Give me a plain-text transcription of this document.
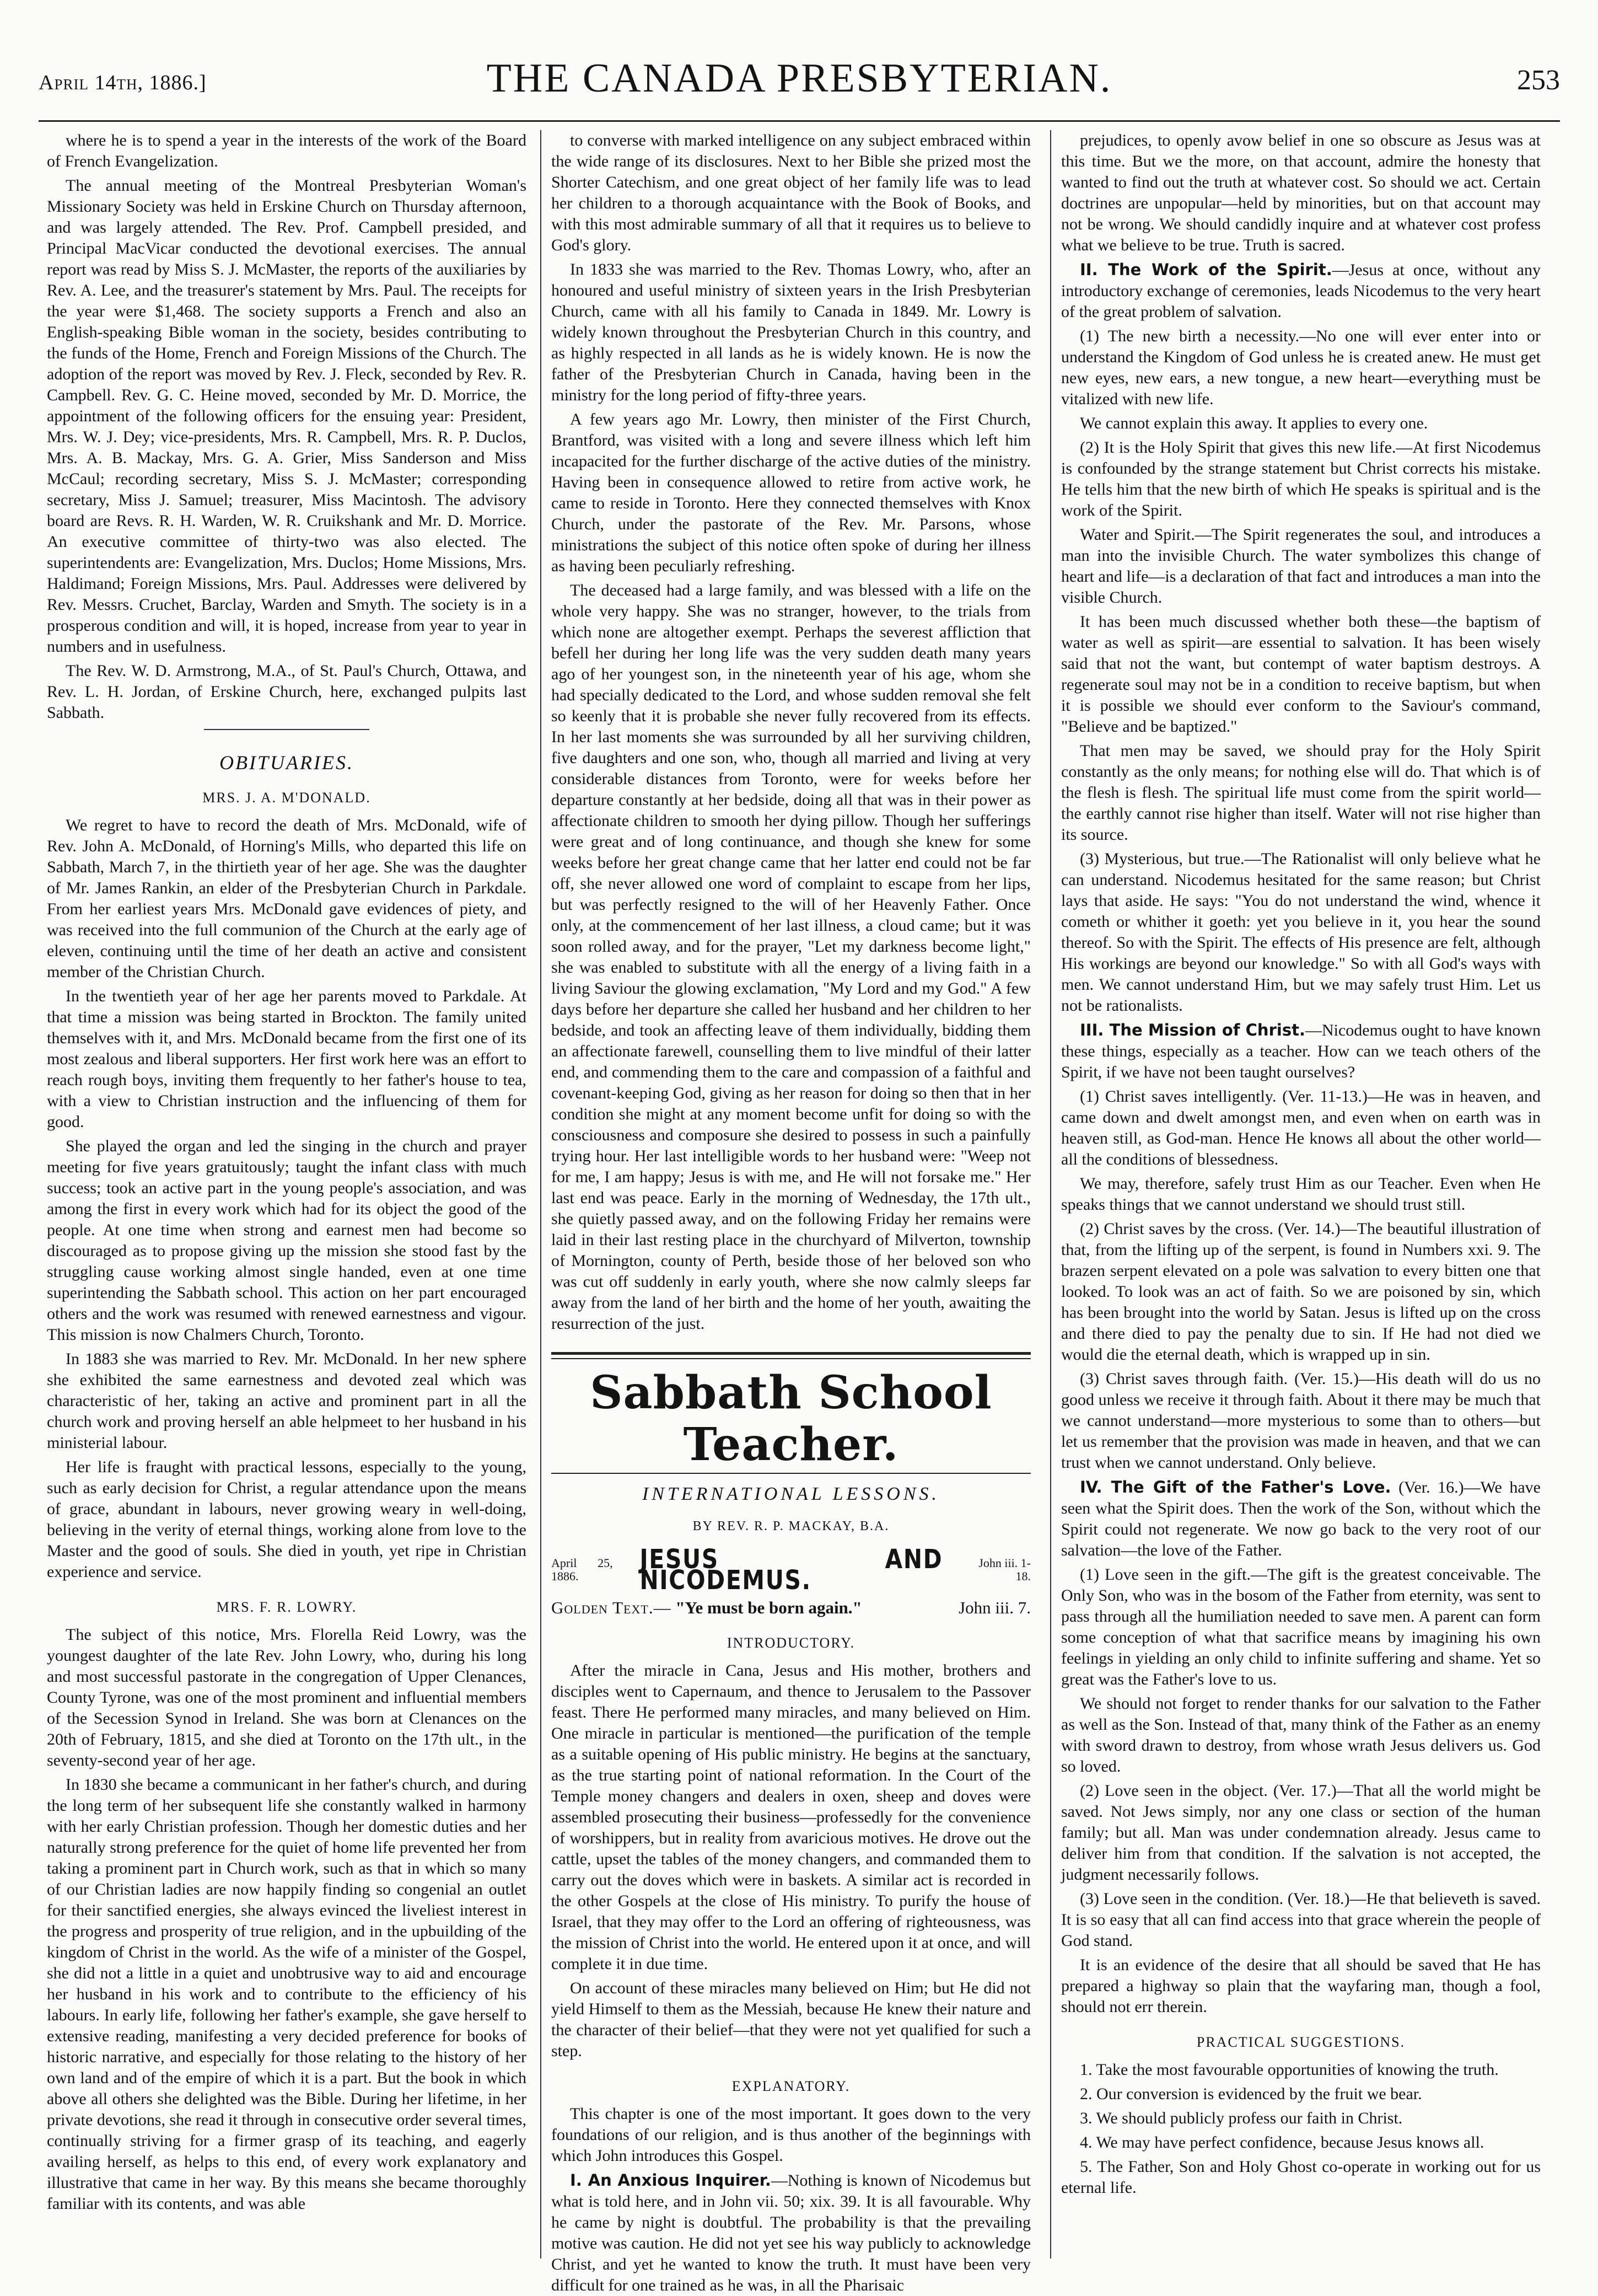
April 14th, 1886.]	THE CANADA PRESBYTERIAN.	253

where he is to spend a year in the interests of the work of the Board of French Evangelization.

The annual meeting of the Montreal Presbyterian Woman's Missionary Society was held in Erskine Church on Thursday afternoon, and was largely attended. The Rev. Prof. Campbell presided, and Principal MacVicar conducted the devotional exercises. The annual report was read by Miss S. J. McMaster, the reports of the auxiliaries by Rev. A. Lee, and the treasurer's statement by Mrs. Paul. The receipts for the year were $1,468. The society supports a French and also an English-speaking Bible woman in the society, besides contributing to the funds of the Home, French and Foreign Missions of the Church. The adoption of the report was moved by Rev. J. Fleck, seconded by Rev. R. Campbell. Rev. G. C. Heine moved, seconded by Mr. D. Morrice, the appointment of the following officers for the ensuing year: President, Mrs. W. J. Dey; vice-presidents, Mrs. R. Campbell, Mrs. R. P. Duclos, Mrs. A. B. Mackay, Mrs. G. A. Grier, Miss Sanderson and Miss McCaul; recording secretary, Miss S. J. McMaster; corresponding secretary, Miss J. Samuel; treasurer, Miss Macintosh. The advisory board are Revs. R. H. Warden, W. R. Cruikshank and Mr. D. Morrice. An executive committee of thirty-two was also elected. The superintendents are: Evangelization, Mrs. Duclos; Home Missions, Mrs. Haldimand; Foreign Missions, Mrs. Paul. Addresses were delivered by Rev. Messrs. Cruchet, Barclay, Warden and Smyth. The society is in a prosperous condition and will, it is hoped, increase from year to year in numbers and in usefulness.

The Rev. W. D. Armstrong, M.A., of St. Paul's Church, Ottawa, and Rev. L. H. Jordan, of Erskine Church, here, exchanged pulpits last Sabbath.

OBITUARIES.
MRS. J. A. M'DONALD.

We regret to have to record the death of Mrs. McDonald, wife of Rev. John A. McDonald, of Horning's Mills, who departed this life on Sabbath, March 7, in the thirtieth year of her age. She was the daughter of Mr. James Rankin, an elder of the Presbyterian Church in Parkdale. From her earliest years Mrs. McDonald gave evidences of piety, and was received into the full communion of the Church at the early age of eleven, continuing until the time of her death an active and consistent member of the Christian Church.

In the twentieth year of her age her parents moved to Parkdale. At that time a mission was being started in Brockton. The family united themselves with it, and Mrs. McDonald became from the first one of its most zealous and liberal supporters. Her first work here was an effort to reach rough boys, inviting them frequently to her father's house to tea, with a view to Christian instruction and the influencing of them for good.

She played the organ and led the singing in the church and prayer meeting for five years gratuitously; taught the infant class with much success; took an active part in the young people's association, and was among the first in every work which had for its object the good of the people. At one time when strong and earnest men had become so discouraged as to propose giving up the mission she stood fast by the struggling cause working almost single handed, even at one time superintending the Sabbath school. This action on her part encouraged others and the work was resumed with renewed earnestness and vigour. This mission is now Chalmers Church, Toronto.

In 1883 she was married to Rev. Mr. McDonald. In her new sphere she exhibited the same earnestness and devoted zeal which was characteristic of her, taking an active and prominent part in all the church work and proving herself an able helpmeet to her husband in his ministerial labour.

Her life is fraught with practical lessons, especially to the young, such as early decision for Christ, a regular attendance upon the means of grace, abundant in labours, never growing weary in well-doing, believing in the verity of eternal things, working alone from love to the Master and the good of souls. She died in youth, yet ripe in Christian experience and service.

MRS. F. R. LOWRY.

The subject of this notice, Mrs. Florella Reid Lowry, was the youngest daughter of the late Rev. John Lowry, who, during his long and most successful pastorate in the congregation of Upper Clenances, County Tyrone, was one of the most prominent and influential members of the Secession Synod in Ireland. She was born at Clenances on the 20th of February, 1815, and she died at Toronto on the 17th ult., in the seventy-second year of her age.

In 1830 she became a communicant in her father's church, and during the long term of her subsequent life she constantly walked in harmony with her early Christian profession. Though her domestic duties and her naturally strong preference for the quiet of home life prevented her from taking a prominent part in Church work, such as that in which so many of our Christian ladies are now happily finding so congenial an outlet for their sanctified energies, she always evinced the liveliest interest in the progress and prosperity of true religion, and in the upbuilding of the kingdom of Christ in the world. As the wife of a minister of the Gospel, she did not a little in a quiet and unobtrusive way to aid and encourage her husband in his work and to contribute to the efficiency of his labours. In early life, following her father's example, she gave herself to extensive reading, manifesting a very decided preference for books of historic narrative, and especially for those relating to the history of her own land and of the empire of which it is a part. But the book in which above all others she delighted was the Bible. During her lifetime, in her private devotions, she read it through in consecutive order several times, continually striving for a firmer grasp of its teaching, and eagerly availing herself, as helps to this end, of every work explanatory and illustrative that came in her way. By this means she became thoroughly familiar with its contents, and was able

to converse with marked intelligence on any subject embraced within the wide range of its disclosures. Next to her Bible she prized most the Shorter Catechism, and one great object of her family life was to lead her children to a thorough acquaintance with the Book of Books, and with this most admirable summary of all that it requires us to believe to God's glory.

In 1833 she was married to the Rev. Thomas Lowry, who, after an honoured and useful ministry of sixteen years in the Irish Presbyterian Church, came with all his family to Canada in 1849. Mr. Lowry is widely known throughout the Presbyterian Church in this country, and as highly respected in all lands as he is widely known. He is now the father of the Presbyterian Church in Canada, having been in the ministry for the long period of fifty-three years.

A few years ago Mr. Lowry, then minister of the First Church, Brantford, was visited with a long and severe illness which left him incapacited for the further discharge of the active duties of the ministry. Having been in consequence allowed to retire from active work, he came to reside in Toronto. Here they connected themselves with Knox Church, under the pastorate of the Rev. Mr. Parsons, whose ministrations the subject of this notice often spoke of during her illness as having been peculiarly refreshing.

The deceased had a large family, and was blessed with a life on the whole very happy. She was no stranger, however, to the trials from which none are altogether exempt. Perhaps the severest affliction that befell her during her long life was the very sudden death many years ago of her youngest son, in the nineteenth year of his age, whom she had specially dedicated to the Lord, and whose sudden removal she felt so keenly that it is probable she never fully recovered from its effects. In her last moments she was surrounded by all her surviving children, five daughters and one son, who, though all married and living at very considerable distances from Toronto, were for weeks before her departure constantly at her bedside, doing all that was in their power as affectionate children to smooth her dying pillow. Though her sufferings were great and of long continuance, and though she knew for some weeks before her great change came that her latter end could not be far off, she never allowed one word of complaint to escape from her lips, but was perfectly resigned to the will of her Heavenly Father. Once only, at the commencement of her last illness, a cloud came; but it was soon rolled away, and for the prayer, "Let my darkness become light," she was enabled to substitute with all the energy of a living faith in a living Saviour the glowing exclamation, "My Lord and my God." A few days before her departure she called her husband and her children to her bedside, and took an affecting leave of them individually, bidding them an affectionate farewell, counselling them to live mindful of their latter end, and commending them to the care and compassion of a faithful and covenant-keeping God, giving as her reason for doing so then that in her condition she might at any moment become unfit for doing so with the consciousness and composure she desired to possess in such a painfully trying hour. Her last intelligible words to her husband were: "Weep not for me, I am happy; Jesus is with me, and He will not forsake me." Her last end was peace. Early in the morning of Wednesday, the 17th ult., she quietly passed away, and on the following Friday her remains were laid in their last resting place in the churchyard of Milverton, township of Mornington, county of Perth, beside those of her beloved son who was cut off suddenly in early youth, where she now calmly sleeps far away from the land of her birth and the home of her youth, awaiting the resurrection of the just.

Sabbath School Teacher.
INTERNATIONAL LESSONS.
BY REV. R. P. MACKAY, B.A.
April 25, 1886.
JESUS AND NICODEMUS.
John iii. 1-18.
Golden Text.— "Ye must be born again."	John iii. 7.
INTRODUCTORY.

After the miracle in Cana, Jesus and His mother, brothers and disciples went to Capernaum, and thence to Jerusalem to the Passover feast. There He performed many miracles, and many believed on Him. One miracle in particular is mentioned—the purification of the temple as a suitable opening of His public ministry. He begins at the sanctuary, as the true starting point of national reformation. In the Court of the Temple money changers and dealers in oxen, sheep and doves were assembled prosecuting their business—professedly for the convenience of worshippers, but in reality from avaricious motives. He drove out the cattle, upset the tables of the money changers, and commanded them to carry out the doves which were in baskets. A similar act is recorded in the other Gospels at the close of His ministry. To purify the house of Israel, that they may offer to the Lord an offering of righteousness, was the mission of Christ into the world. He entered upon it at once, and will complete it in due time.

On account of these miracles many believed on Him; but He did not yield Himself to them as the Messiah, because He knew their nature and the character of their belief—that they were not yet qualified for such a step.

EXPLANATORY.

This chapter is one of the most important. It goes down to the very foundations of our religion, and is thus another of the beginnings with which John introduces this Gospel.

I. An Anxious Inquirer.—Nothing is known of Nicodemus but what is told here, and in John vii. 50; xix. 39. It is all favourable. Why he came by night is doubtful. The probability is that the prevailing motive was caution. He did not yet see his way publicly to acknowledge Christ, and yet he wanted to know the truth. It must have been very difficult for one trained as he was, in all the Pharisaic

prejudices, to openly avow belief in one so obscure as Jesus was at this time. But we the more, on that account, admire the honesty that wanted to find out the truth at whatever cost. So should we act. Certain doctrines are unpopular—held by minorities, but on that account may not be wrong. We should candidly inquire and at whatever cost profess what we believe to be true. Truth is sacred.

II. The Work of the Spirit.—Jesus at once, without any introductory exchange of ceremonies, leads Nicodemus to the very heart of the great problem of salvation.

(1) The new birth a necessity.—No one will ever enter into or understand the Kingdom of God unless he is created anew. He must get new eyes, new ears, a new tongue, a new heart—everything must be vitalized with new life.

We cannot explain this away. It applies to every one.

(2) It is the Holy Spirit that gives this new life.—At first Nicodemus is confounded by the strange statement but Christ corrects his mistake. He tells him that the new birth of which He speaks is spiritual and is the work of the Spirit.

Water and Spirit.—The Spirit regenerates the soul, and introduces a man into the invisible Church. The water symbolizes this change of heart and life—is a declaration of that fact and introduces a man into the visible Church.

It has been much discussed whether both these—the baptism of water as well as spirit—are essential to salvation. It has been wisely said that not the want, but contempt of water baptism destroys. A regenerate soul may not be in a condition to receive baptism, but when it is possible we should ever conform to the Saviour's command, "Believe and be baptized."

That men may be saved, we should pray for the Holy Spirit constantly as the only means; for nothing else will do. That which is of the flesh is flesh. The spiritual life must come from the spirit world—the earthly cannot rise higher than itself. Water will not rise higher than its source.

(3) Mysterious, but true.—The Rationalist will only believe what he can understand. Nicodemus hesitated for the same reason; but Christ lays that aside. He says: "You do not understand the wind, whence it cometh or whither it goeth: yet you believe in it, you hear the sound thereof. So with the Spirit. The effects of His presence are felt, although His workings are beyond our knowledge." So with all God's ways with men. We cannot understand Him, but we may safely trust Him. Let us not be rationalists.

III. The Mission of Christ.—Nicodemus ought to have known these things, especially as a teacher. How can we teach others of the Spirit, if we have not been taught ourselves?

(1) Christ saves intelligently. (Ver. 11-13.)—He was in heaven, and came down and dwelt amongst men, and even when on earth was in heaven still, as God-man. Hence He knows all about the other world—all the conditions of blessedness.

We may, therefore, safely trust Him as our Teacher. Even when He speaks things that we cannot understand we should trust still.

(2) Christ saves by the cross. (Ver. 14.)—The beautiful illustration of that, from the lifting up of the serpent, is found in Numbers xxi. 9. The brazen serpent elevated on a pole was salvation to every bitten one that looked. To look was an act of faith. So we are poisoned by sin, which has been brought into the world by Satan. Jesus is lifted up on the cross and there died to pay the penalty due to sin. If He had not died we would die the eternal death, which is wrapped up in sin.

(3) Christ saves through faith. (Ver. 15.)—His death will do us no good unless we receive it through faith. About it there may be much that we cannot understand—more mysterious to some than to others—but let us remember that the provision was made in heaven, and that we can trust when we cannot understand. Only believe.

IV. The Gift of the Father's Love. (Ver. 16.)—We have seen what the Spirit does. Then the work of the Son, without which the Spirit could not regenerate. We now go back to the very root of our salvation—the love of the Father.

(1) Love seen in the gift.—The gift is the greatest conceivable. The Only Son, who was in the bosom of the Father from eternity, was sent to pass through all the humiliation needed to save men. A parent can form some conception of what that sacrifice means by imagining his own feelings in yielding an only child to infinite suffering and shame. Yet so great was the Father's love to us.

We should not forget to render thanks for our salvation to the Father as well as the Son. Instead of that, many think of the Father as an enemy with sword drawn to destroy, from whose wrath Jesus delivers us. God so loved.

(2) Love seen in the object. (Ver. 17.)—That all the world might be saved. Not Jews simply, nor any one class or section of the human family; but all. Man was under condemnation already. Jesus came to deliver him from that condition. If the salvation is not accepted, the judgment necessarily follows.

(3) Love seen in the condition. (Ver. 18.)—He that believeth is saved. It is so easy that all can find access into that grace wherein the people of God stand.

It is an evidence of the desire that all should be saved that He has prepared a highway so plain that the wayfaring man, though a fool, should not err therein.

PRACTICAL SUGGESTIONS.

1. Take the most favourable opportunities of knowing the truth.

2. Our conversion is evidenced by the fruit we bear.

3. We should publicly profess our faith in Christ.

4. We may have perfect confidence, because Jesus knows all.

5. The Father, Son and Holy Ghost co-operate in working out for us eternal life.
